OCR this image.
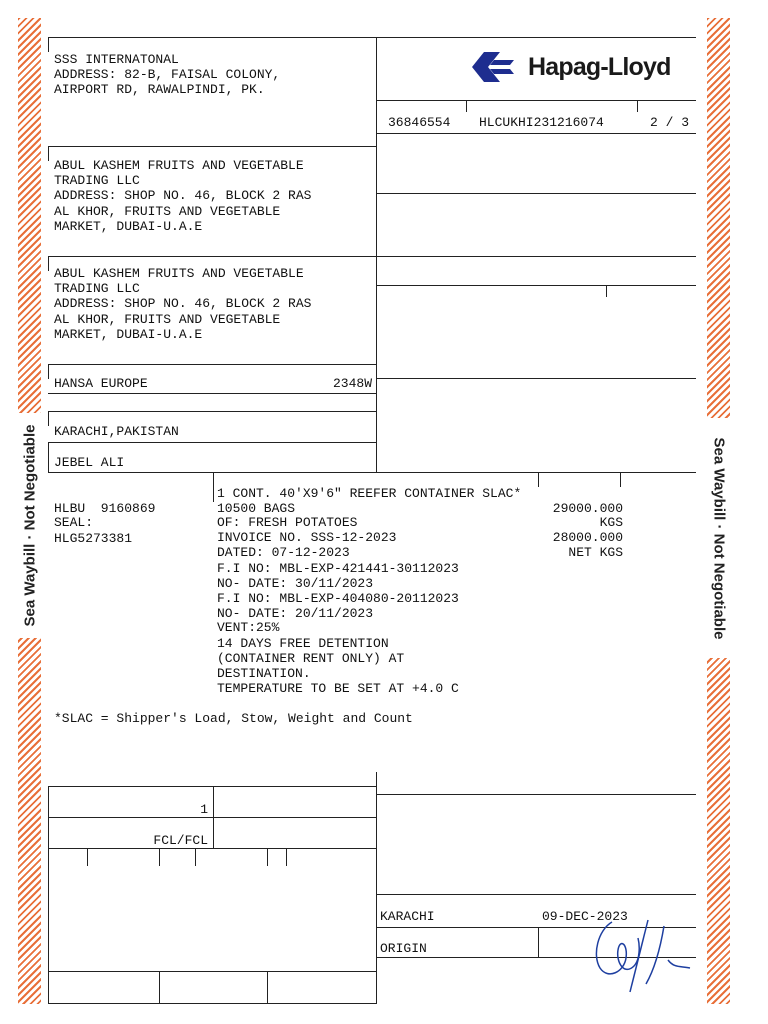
Sea Waybill · Not Negotiable	Sea Waybill · Not Negotiable
SSS INTERNATONAL
ADDRESS: 82-B, FAISAL COLONY,
AIRPORT RD, RAWALPINDI, PK.
Hapag-Lloyd
36846554 HLCUKHI231216074	2 / 3
ABUL KASHEM FRUITS AND VEGETABLE
TRADING LLC
ADDRESS: SHOP NO. 46, BLOCK 2 RAS
AL KHOR, FRUITS AND VEGETABLE
MARKET, DUBAI-U.A.E
ABUL KASHEM FRUITS AND VEGETABLE
TRADING LLC
ADDRESS: SHOP NO. 46, BLOCK 2 RAS
AL KHOR, FRUITS AND VEGETABLE
MARKET, DUBAI-U.A.E
HANSA EUROPE	2348W
KARACHI,PAKISTAN
JEBEL ALI
HLBU  9160869
SEAL:
HLG5273381
1 CONT. 40'X9'6" REEFER CONTAINER SLAC*
10500 BAGS
OF: FRESH POTATOES
INVOICE NO. SSS-12-2023
DATED: 07-12-2023
F.I NO: MBL-EXP-421441-30112023
NO- DATE: 30/11/2023
F.I NO: MBL-EXP-404080-20112023
NO- DATE: 20/11/2023
VENT:25%
14 DAYS FREE DETENTION
(CONTAINER RENT ONLY) AT
DESTINATION.
TEMPERATURE TO BE SET AT +4.0 C
29000.000
KGS
28000.000
NET KGS
*SLAC = Shipper's Load, Stow, Weight and Count
1
FCL/FCL
KARACHI	09-DEC-2023
ORIGIN
